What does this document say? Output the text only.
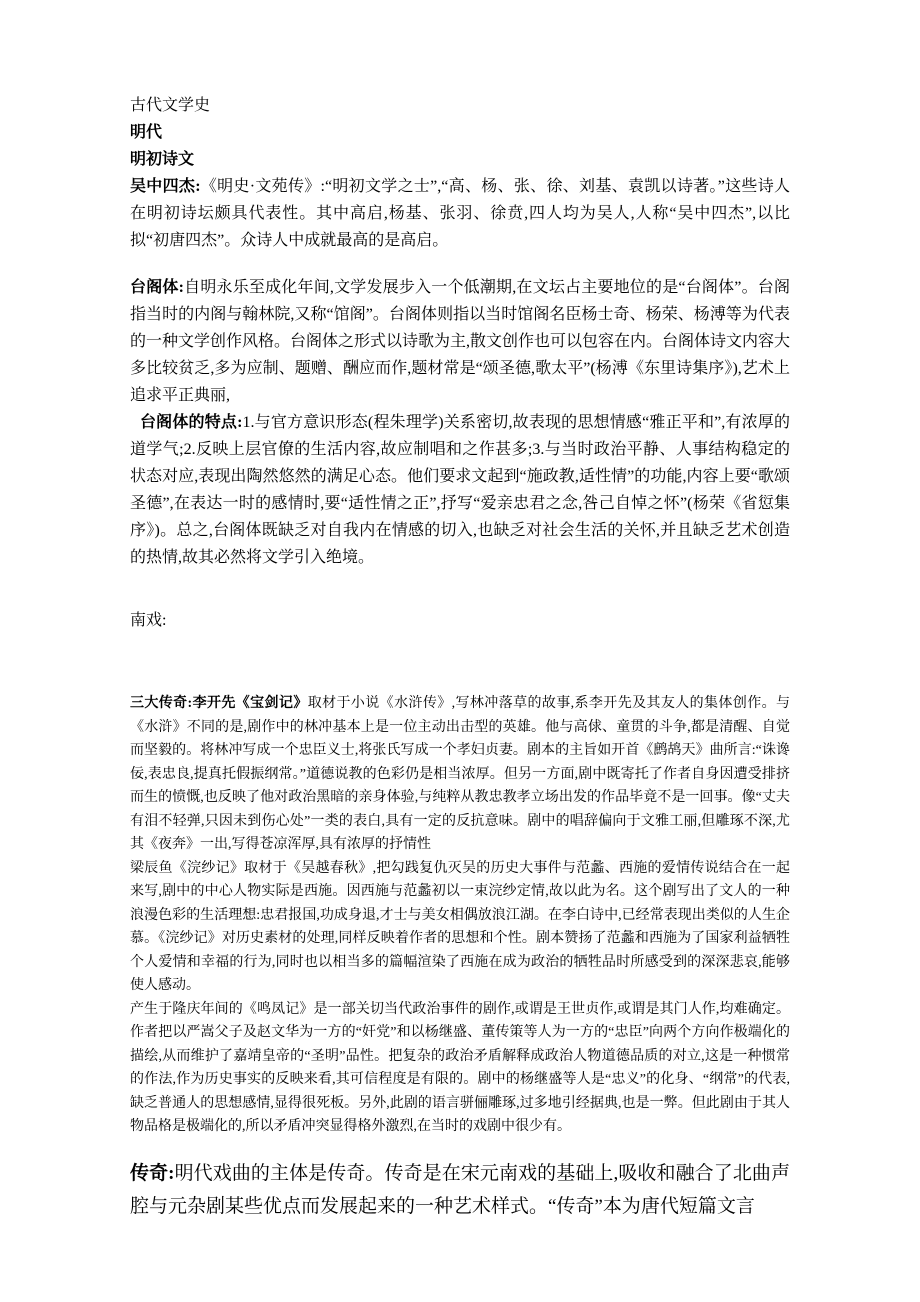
古代文学史

明代

明初诗文

吴中四杰:《明史·文苑传》:“明初文学之士”,“高、杨、张、徐、刘基、袁凯以诗著。”这些诗人在明初诗坛颇具代表性。其中高启,杨基、张羽、徐贲,四人均为吴人,人称“吴中四杰”,以比拟“初唐四杰”。众诗人中成就最高的是高启。

台阁体:自明永乐至成化年间,文学发展步入一个低潮期,在文坛占主要地位的是“台阁体”。台阁指当时的内阁与翰林院,又称“馆阁”。台阁体则指以当时馆阁名臣杨士奇、杨荣、杨溥等为代表的一种文学创作风格。台阁体之形式以诗歌为主,散文创作也可以包容在内。台阁体诗文内容大多比较贫乏,多为应制、题赠、酬应而作,题材常是“颂圣德,歌太平”(杨溥《东里诗集序》),艺术上追求平正典丽,

台阁体的特点:1.与官方意识形态(程朱理学)关系密切,故表现的思想情感“雅正平和”,有浓厚的道学气;2.反映上层官僚的生活内容,故应制唱和之作甚多;3.与当时政治平静、人事结构稳定的状态对应,表现出陶然悠然的满足心态。他们要求文起到“施政教,适性情”的功能,内容上要“歌颂圣德”,在表达一时的感情时,要“适性情之正”,抒写“爱亲忠君之念,咎己自悼之怀”(杨荣《省愆集序》)。总之,台阁体既缺乏对自我内在情感的切入,也缺乏对社会生活的关怀,并且缺乏艺术创造的热情,故其必然将文学引入绝境。

南戏:

三大传奇:李开先《宝剑记》取材于小说《水浒传》,写林冲落草的故事,系李开先及其友人的集体创作。与《水浒》不同的是,剧作中的林冲基本上是一位主动出击型的英雄。他与高俅、童贯的斗争,都是清醒、自觉而坚毅的。将林冲写成一个忠臣义士,将张氏写成一个孝妇贞妻。剧本的主旨如开首《鹧鸪天》曲所言:“诛谗佞,表忠良,提真托假振纲常。”道德说教的色彩仍是相当浓厚。但另一方面,剧中既寄托了作者自身因遭受排挤而生的愤慨,也反映了他对政治黑暗的亲身体验,与纯粹从教忠教孝立场出发的作品毕竟不是一回事。像“丈夫有泪不轻弹,只因未到伤心处”一类的表白,具有一定的反抗意味。剧中的唱辞偏向于文雅工丽,但雕琢不深,尤其《夜奔》一出,写得苍凉浑厚,具有浓厚的抒情性

梁辰鱼《浣纱记》取材于《吴越春秋》,把勾践复仇灭吴的历史大事件与范蠡、西施的爱情传说结合在一起来写,剧中的中心人物实际是西施。因西施与范蠡初以一束浣纱定情,故以此为名。这个剧写出了文人的一种浪漫色彩的生活理想:忠君报国,功成身退,才士与美女相偶放浪江湖。在李白诗中,已经常表现出类似的人生企慕。《浣纱记》对历史素材的处理,同样反映着作者的思想和个性。剧本赞扬了范蠡和西施为了国家利益牺牲个人爱情和幸福的行为,同时也以相当多的篇幅渲染了西施在成为政治的牺牲品时所感受到的深深悲哀,能够使人感动。

产生于隆庆年间的《鸣凤记》是一部关切当代政治事件的剧作,或谓是王世贞作,或谓是其门人作,均难确定。作者把以严嵩父子及赵文华为一方的“奸党”和以杨继盛、董传策等人为一方的“忠臣”向两个方向作极端化的描绘,从而维护了嘉靖皇帝的“圣明”品性。把复杂的政治矛盾解释成政治人物道德品质的对立,这是一种惯常的作法,作为历史事实的反映来看,其可信程度是有限的。剧中的杨继盛等人是“忠义”的化身、“纲常”的代表,缺乏普通人的思想感情,显得很死板。另外,此剧的语言骈俪雕琢,过多地引经据典,也是一弊。但此剧由于其人物品格是极端化的,所以矛盾冲突显得格外激烈,在当时的戏剧中很少有。

传奇:明代戏曲的主体是传奇。传奇是在宋元南戏的基础上,吸收和融合了北曲声腔与元杂剧某些优点而发展起来的一种艺术样式。“传奇”本为唐代短篇文言
